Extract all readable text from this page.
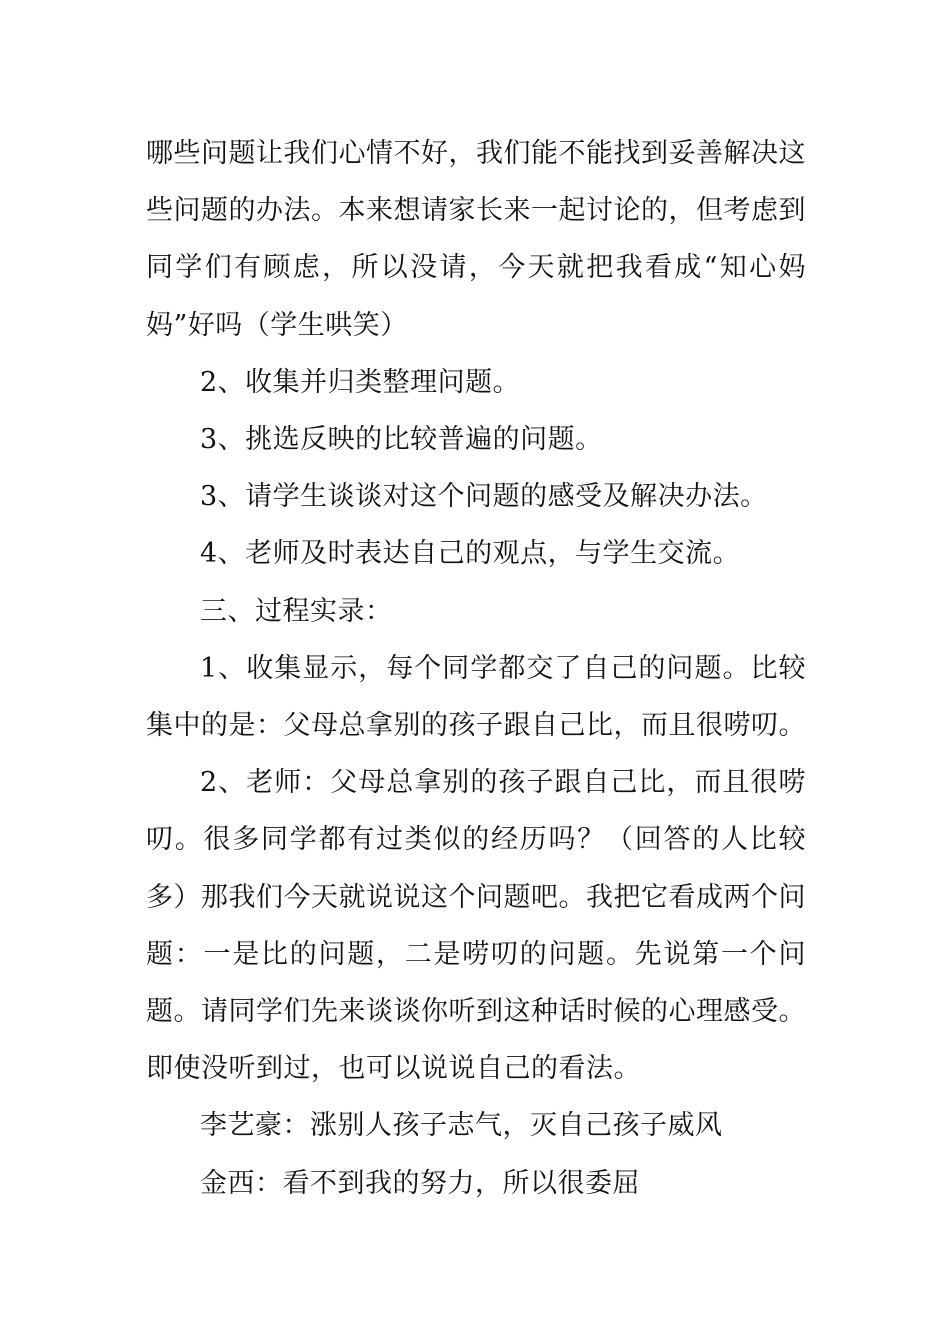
哪些问题让我们心情不好，我们能不能找到妥善解决这些问题的办法。本来想请家长来一起讨论的，但考虑到同学们有顾虑，所以没请，今天就把我看成“知心妈妈”好吗（学生哄笑）

2、收集并归类整理问题。

3、挑选反映的比较普遍的问题。

3、请学生谈谈对这个问题的感受及解决办法。

4、老师及时表达自己的观点，与学生交流。

三、过程实录：

1、收集显示，每个同学都交了自己的问题。比较集中的是：父母总拿别的孩子跟自己比，而且很唠叨。

2、老师：父母总拿别的孩子跟自己比，而且很唠叨。很多同学都有过类似的经历吗？（回答的人比较多）那我们今天就说说这个问题吧。我把它看成两个问题：一是比的问题，二是唠叨的问题。先说第一个问题。请同学们先来谈谈你听到这种话时候的心理感受。即使没听到过，也可以说说自己的看法。

李艺豪：涨别人孩子志气，灭自己孩子威风

金西：看不到我的努力，所以很委屈
